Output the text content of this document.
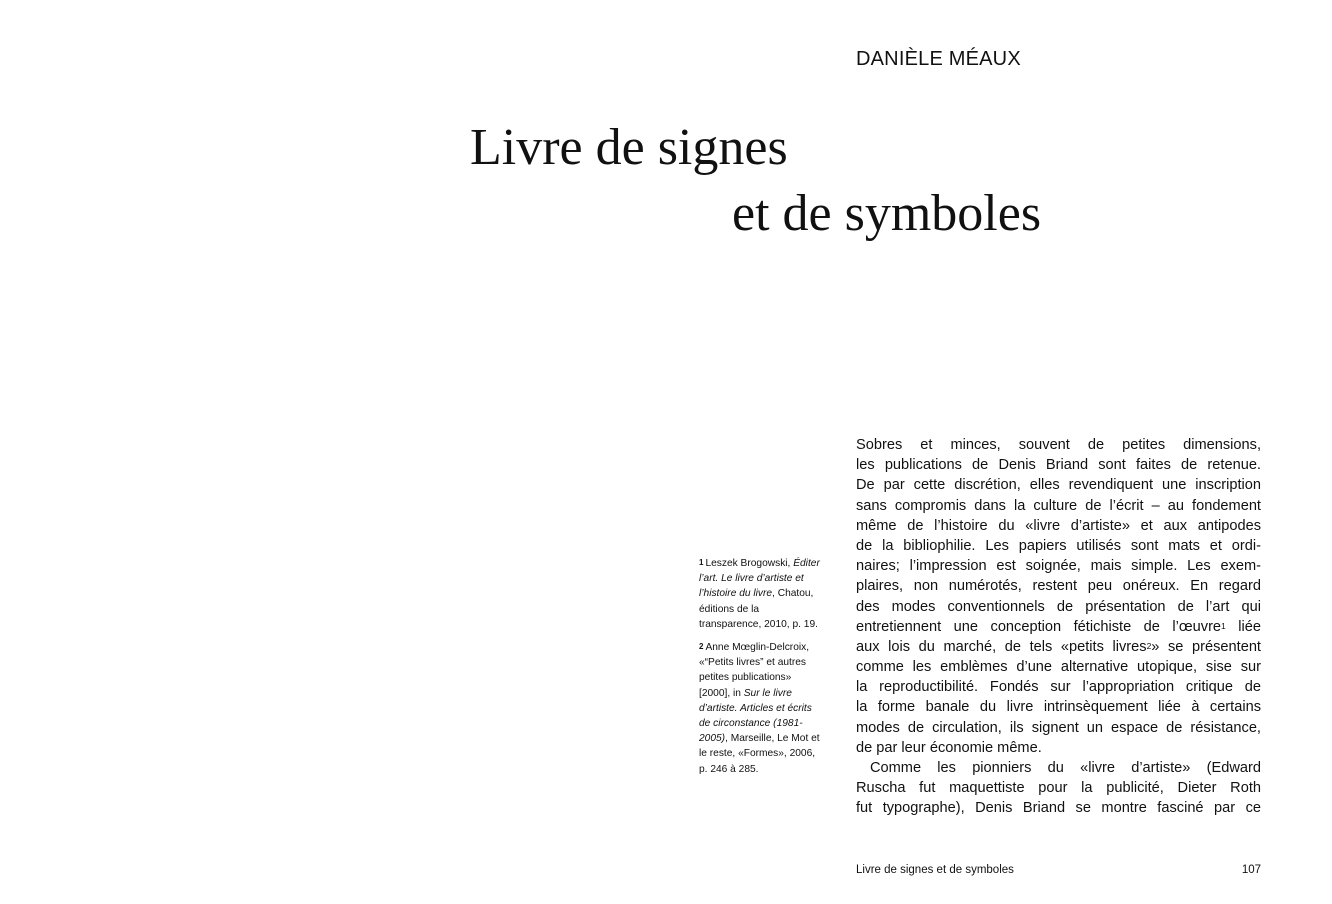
DANIÈLE MÉAUX
Livre de signes
et de symboles
$^1$ Leszek Brogowski, Éditer l’art. Le livre d’artiste et l’histoire du livre, Chatou, éditions de la transparence, 2010, p. 19.
$^2$ Anne Mœglin-Delcroix, «“Petits livres” et autres petites publications» [2000], in Sur le livre d’artiste. Articles et écrits de circonstance (1981-2005), Marseille, Le Mot et le reste, «Formes», 2006, p. 246 à 285.
Sobres et minces, souvent de petites dimensions,
les publications de Denis Briand sont faites de retenue.
De par cette discrétion, elles revendiquent une inscription
sans compromis dans la culture de l’écrit – au fondement
même de l’histoire du «livre d’artiste» et aux antipodes
de la bibliophilie. Les papiers utilisés sont mats et ordi-
naires; l’impression est soignée, mais simple. Les exem-
plaires, non numérotés, restent peu onéreux. En regard
des modes conventionnels de présentation de l’art qui
entretiennent une conception fétichiste de l’œuvre$^1$ liée
aux lois du marché, de tels «petits livres$^2$» se présentent
comme les emblèmes d’une alternative utopique, sise sur
la reproductibilité. Fondés sur l’appropriation critique de
la forme banale du livre intrinsèquement liée à certains
modes de circulation, ils signent un espace de résistance,
de par leur économie même.
Comme les pionniers du «livre d’artiste» (Edward
Ruscha fut maquettiste pour la publicité, Dieter Roth
fut typographe), Denis Briand se montre fasciné par ce
Livre de signes et de symboles	107
